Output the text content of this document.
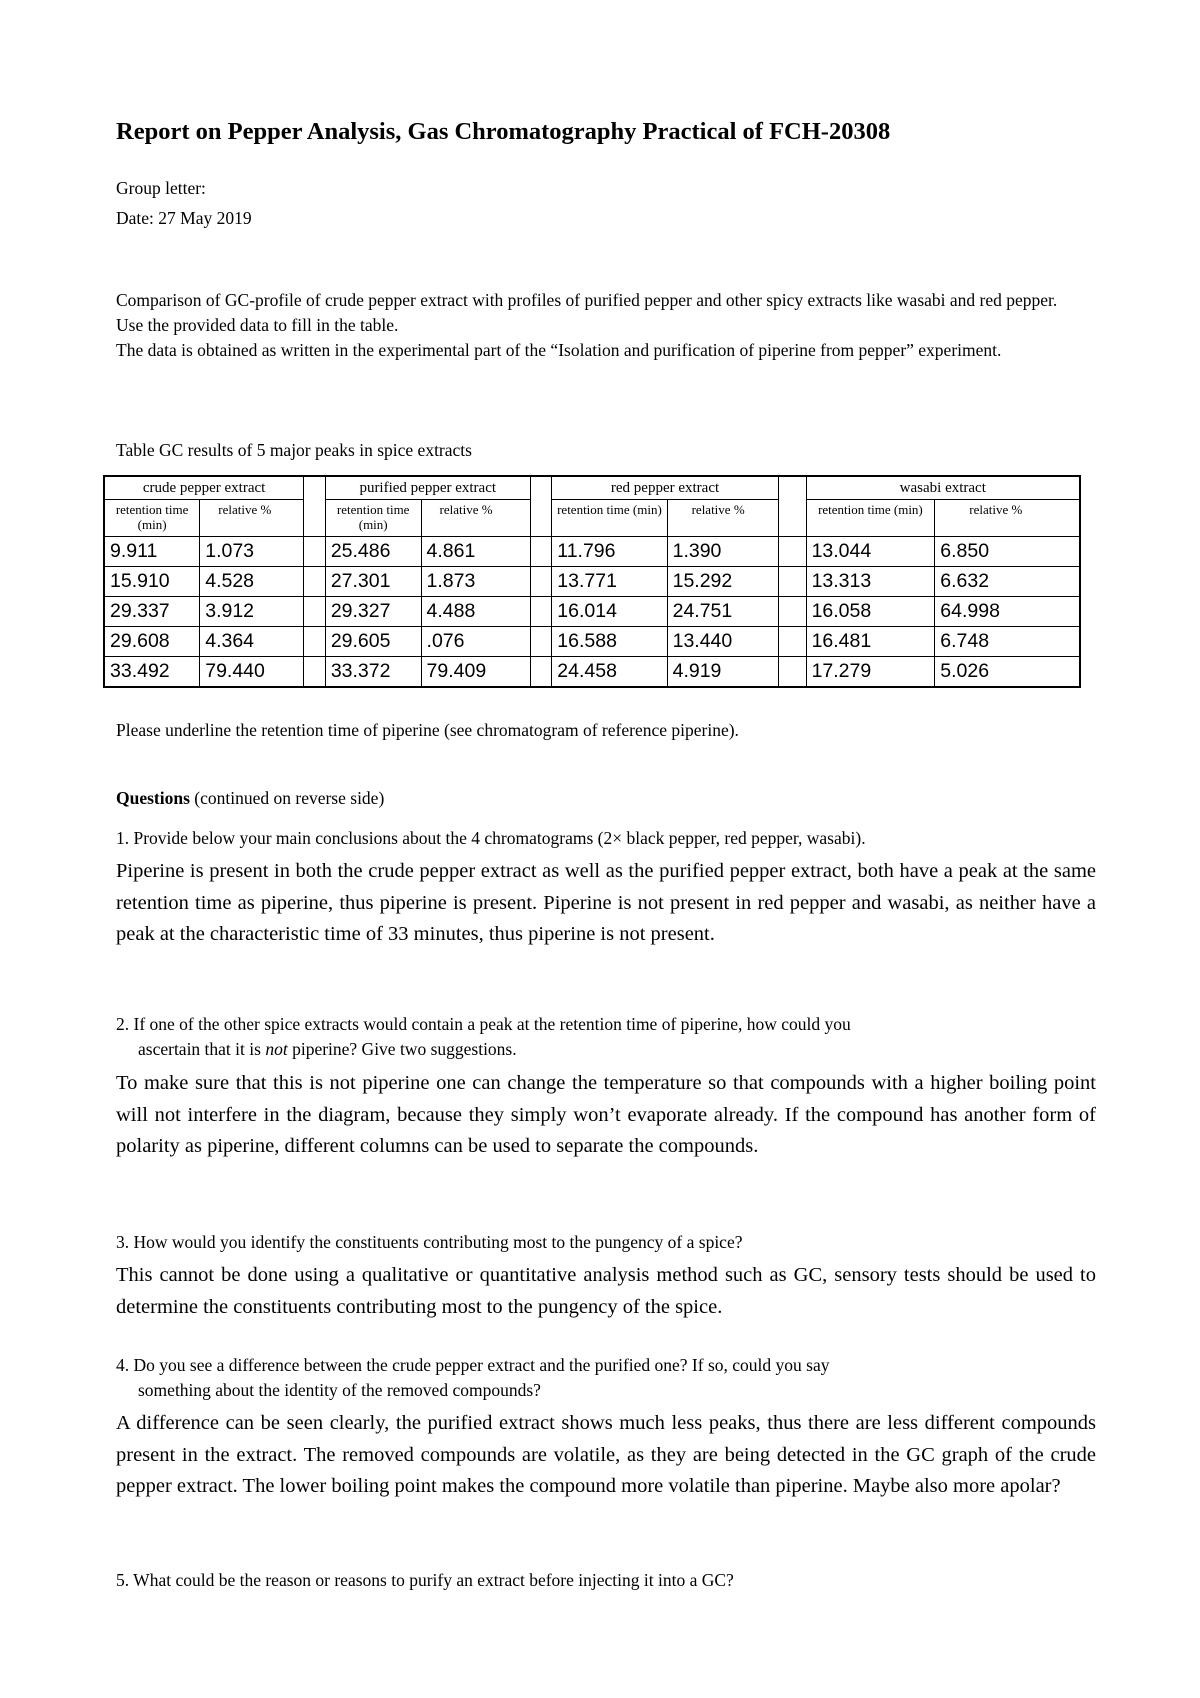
Report on Pepper Analysis, Gas Chromatography Practical of FCH-20308
Group letter:
Date: 27 May 2019

Comparison of GC-profile of crude pepper extract with profiles of purified pepper and other spicy extracts like wasabi and red pepper.

Use the provided data to fill in the table.

The data is obtained as written in the experimental part of the “Isolation and purification of piperine from pepper” experiment.

Table GC results of 5 major peaks in spice extracts
crude pepper extract			purified pepper extract			red pepper extract			wasabi extract	
retention time (min)	relative %		retention time (min)	relative %		retention time (min)	relative %		retention time (min)	relative %
9.911	1.073		25.486	4.861		11.796	1.390		13.044	6.850
15.910	4.528		27.301	1.873		13.771	15.292		13.313	6.632
29.337	3.912		29.327	4.488		16.014	24.751		16.058	64.998
29.608	4.364		29.605	.076		16.588	13.440		16.481	6.748
33.492	79.440		33.372	79.409		24.458	4.919		17.279	5.026
Please underline the retention time of piperine (see chromatogram of reference piperine).
Questions (continued on reverse side)
1. Provide below your main conclusions about the 4 chromatograms (2× black pepper, red pepper, wasabi).
Piperine is present in both the crude pepper extract as well as the purified pepper extract, both have a peak at the same retention time as piperine, thus piperine is present. Piperine is not present in red pepper and wasabi, as neither have a peak at the characteristic time of 33 minutes, thus piperine is not present.
2. If one of the other spice extracts would contain a peak at the retention time of piperine, how could you
ascertain that it is not piperine? Give two suggestions.
To make sure that this is not piperine one can change the temperature so that compounds with a higher boiling point will not interfere in the diagram, because they simply won’t evaporate already. If the compound has another form of polarity as piperine, different columns can be used to separate the compounds.
3. How would you identify the constituents contributing most to the pungency of a spice?
This cannot be done using a qualitative or quantitative analysis method such as GC, sensory tests should be used to determine the constituents contributing most to the pungency of the spice.
4. Do you see a difference between the crude pepper extract and the purified one? If so, could you say
something about the identity of the removed compounds?
A difference can be seen clearly, the purified extract shows much less peaks, thus there are less different compounds present in the extract. The removed compounds are volatile, as they are being detected in the GC graph of the crude pepper extract. The lower boiling point makes the compound more volatile than piperine. Maybe also more apolar?
5. What could be the reason or reasons to purify an extract before injecting it into a GC?
